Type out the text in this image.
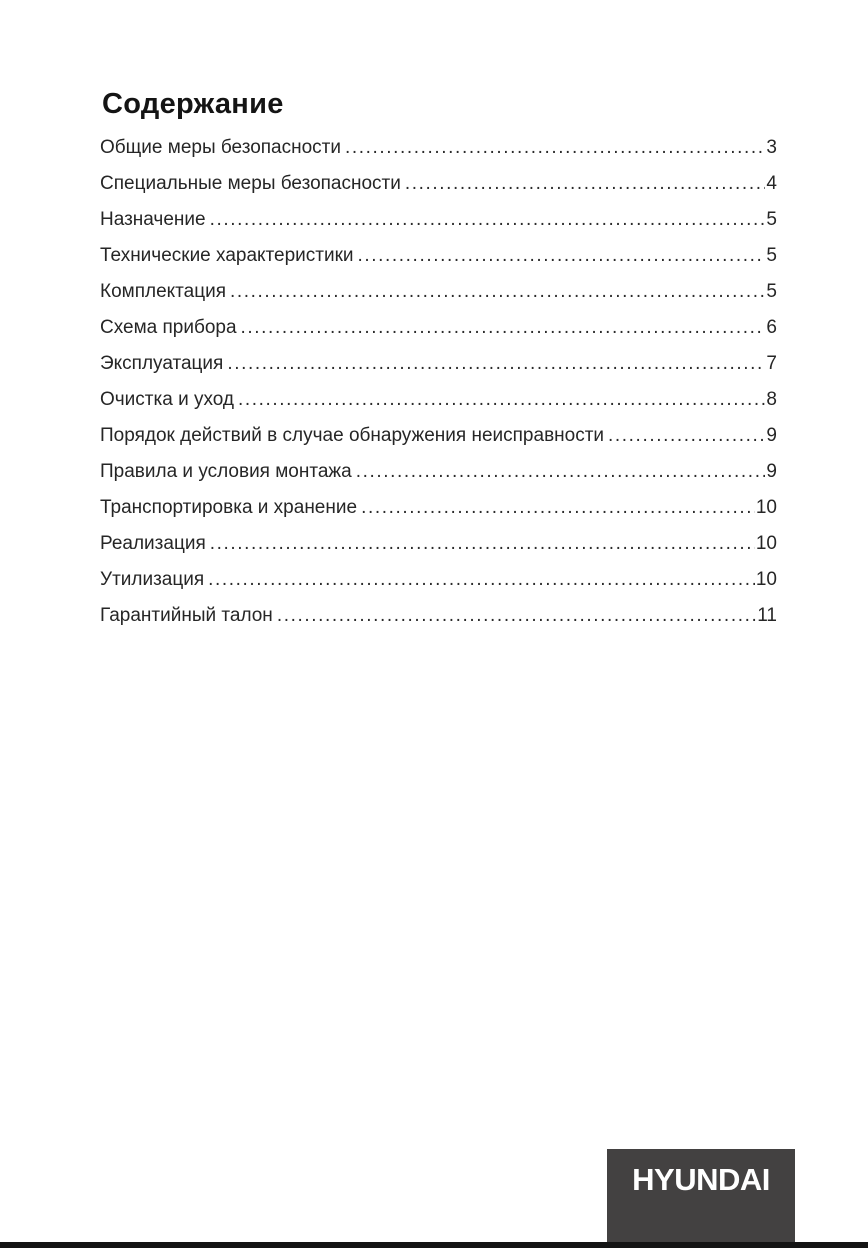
Содержание
Общие меры безопасности .....	3
Специальные меры безопасности .....	4
Назначение .....	5
Технические характеристики .....	5
Комплектация .....	5
Схема прибора .....	6
Эксплуатация .....	7
Очистка и уход .....	8
Порядок действий в случае обнаружения неисправности .....	9
Правила и условия монтажа .....	9
Транспортировка и хранение .....	10
Реализация .....	10
Утилизация .....	10
Гарантийный талон .....	11
HYUNDAI
